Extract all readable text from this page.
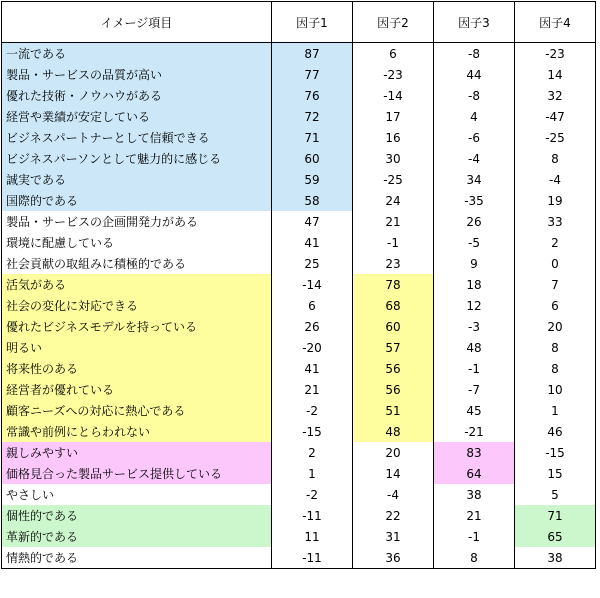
イメージ項目	因子1	因子2	因子3	因子4
一流である	87	6	-8	-23
製品・サービスの品質が高い	77	-23	44	14
優れた技術・ノウハウがある	76	-14	-8	32
経営や業績が安定している	72	17	4	-47
ビジネスパートナーとして信頼できる	71	16	-6	-25
ビジネスパーソンとして魅力的に感じる	60	30	-4	8
誠実である	59	-25	34	-4
国際的である	58	24	-35	19
製品・サービスの企画開発力がある	47	21	26	33
環境に配慮している	41	-1	-5	2
社会貢献の取組みに積極的である	25	23	9	0
活気がある	-14	78	18	7
社会の変化に対応できる	6	68	12	6
優れたビジネスモデルを持っている	26	60	-3	20
明るい	-20	57	48	8
将来性のある	41	56	-1	8
経営者が優れている	21	56	-7	10
顧客ニーズへの対応に熱心である	-2	51	45	1
常識や前例にとらわれない	-15	48	-21	46
親しみやすい	2	20	83	-15
価格見合った製品サービス提供している	1	14	64	15
やさしい	-2	-4	38	5
個性的である	-11	22	21	71
革新的である	11	31	-1	65
情熱的である	-11	36	8	38
